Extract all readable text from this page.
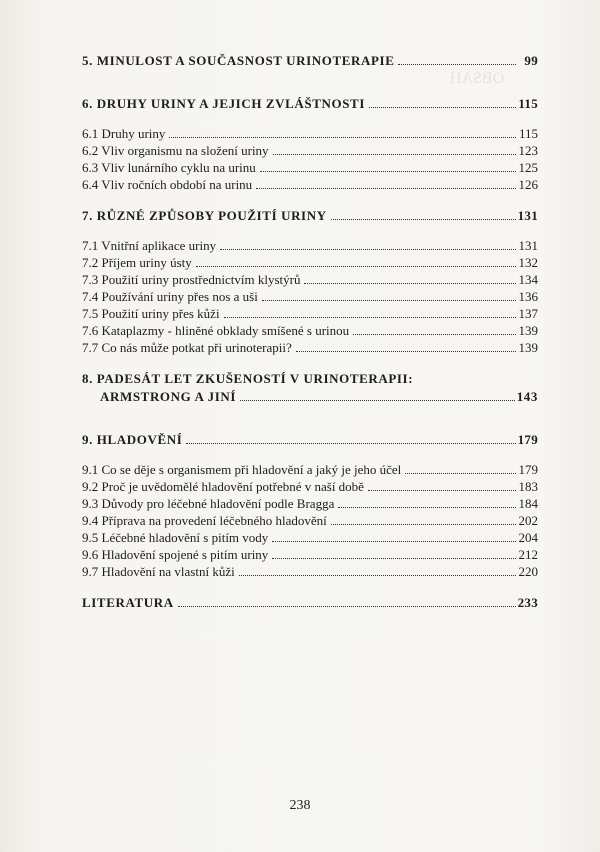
OBSAH
5. MINULOST A SOUČASNOST URINOTERAPIE	99
6. DRUHY URINY A JEJICH ZVLÁŠTNOSTI	115
6.1 Druhy uriny	115
6.2 Vliv organismu na složení uriny	123
6.3 Vliv lunárního cyklu na urinu	125
6.4 Vliv ročních období na urinu	126
7. RŮZNÉ ZPŮSOBY POUŽITÍ URINY	131
7.1 Vnitřní aplikace uriny	131
7.2 Příjem uriny ústy	132
7.3 Použití uriny prostřednictvím klystýrů	134
7.4 Používání uriny přes nos a uši	136
7.5 Použití uriny přes kůži	137
7.6 Kataplazmy - hliněné obklady smíšené s urinou	139
7.7 Co nás může potkat při urinoterapii?	139
8. PADESÁT LET ZKUŠENOSTÍ V URINOTERAPII:
ARMSTRONG A JINÍ	143
9. HLADOVĚNÍ	179
9.1 Co se děje s organismem při hladovění a jaký je jeho účel	179
9.2 Proč je uvědomělé hladovění potřebné v naší době	183
9.3 Důvody pro léčebné hladovění podle Bragga	184
9.4 Příprava na provedení léčebného hladovění	202
9.5 Léčebné hladovění s pitím vody	204
9.6 Hladovění spojené s pitím uriny	212
9.7 Hladovění na vlastní kůži	220
LITERATURA	233
238
